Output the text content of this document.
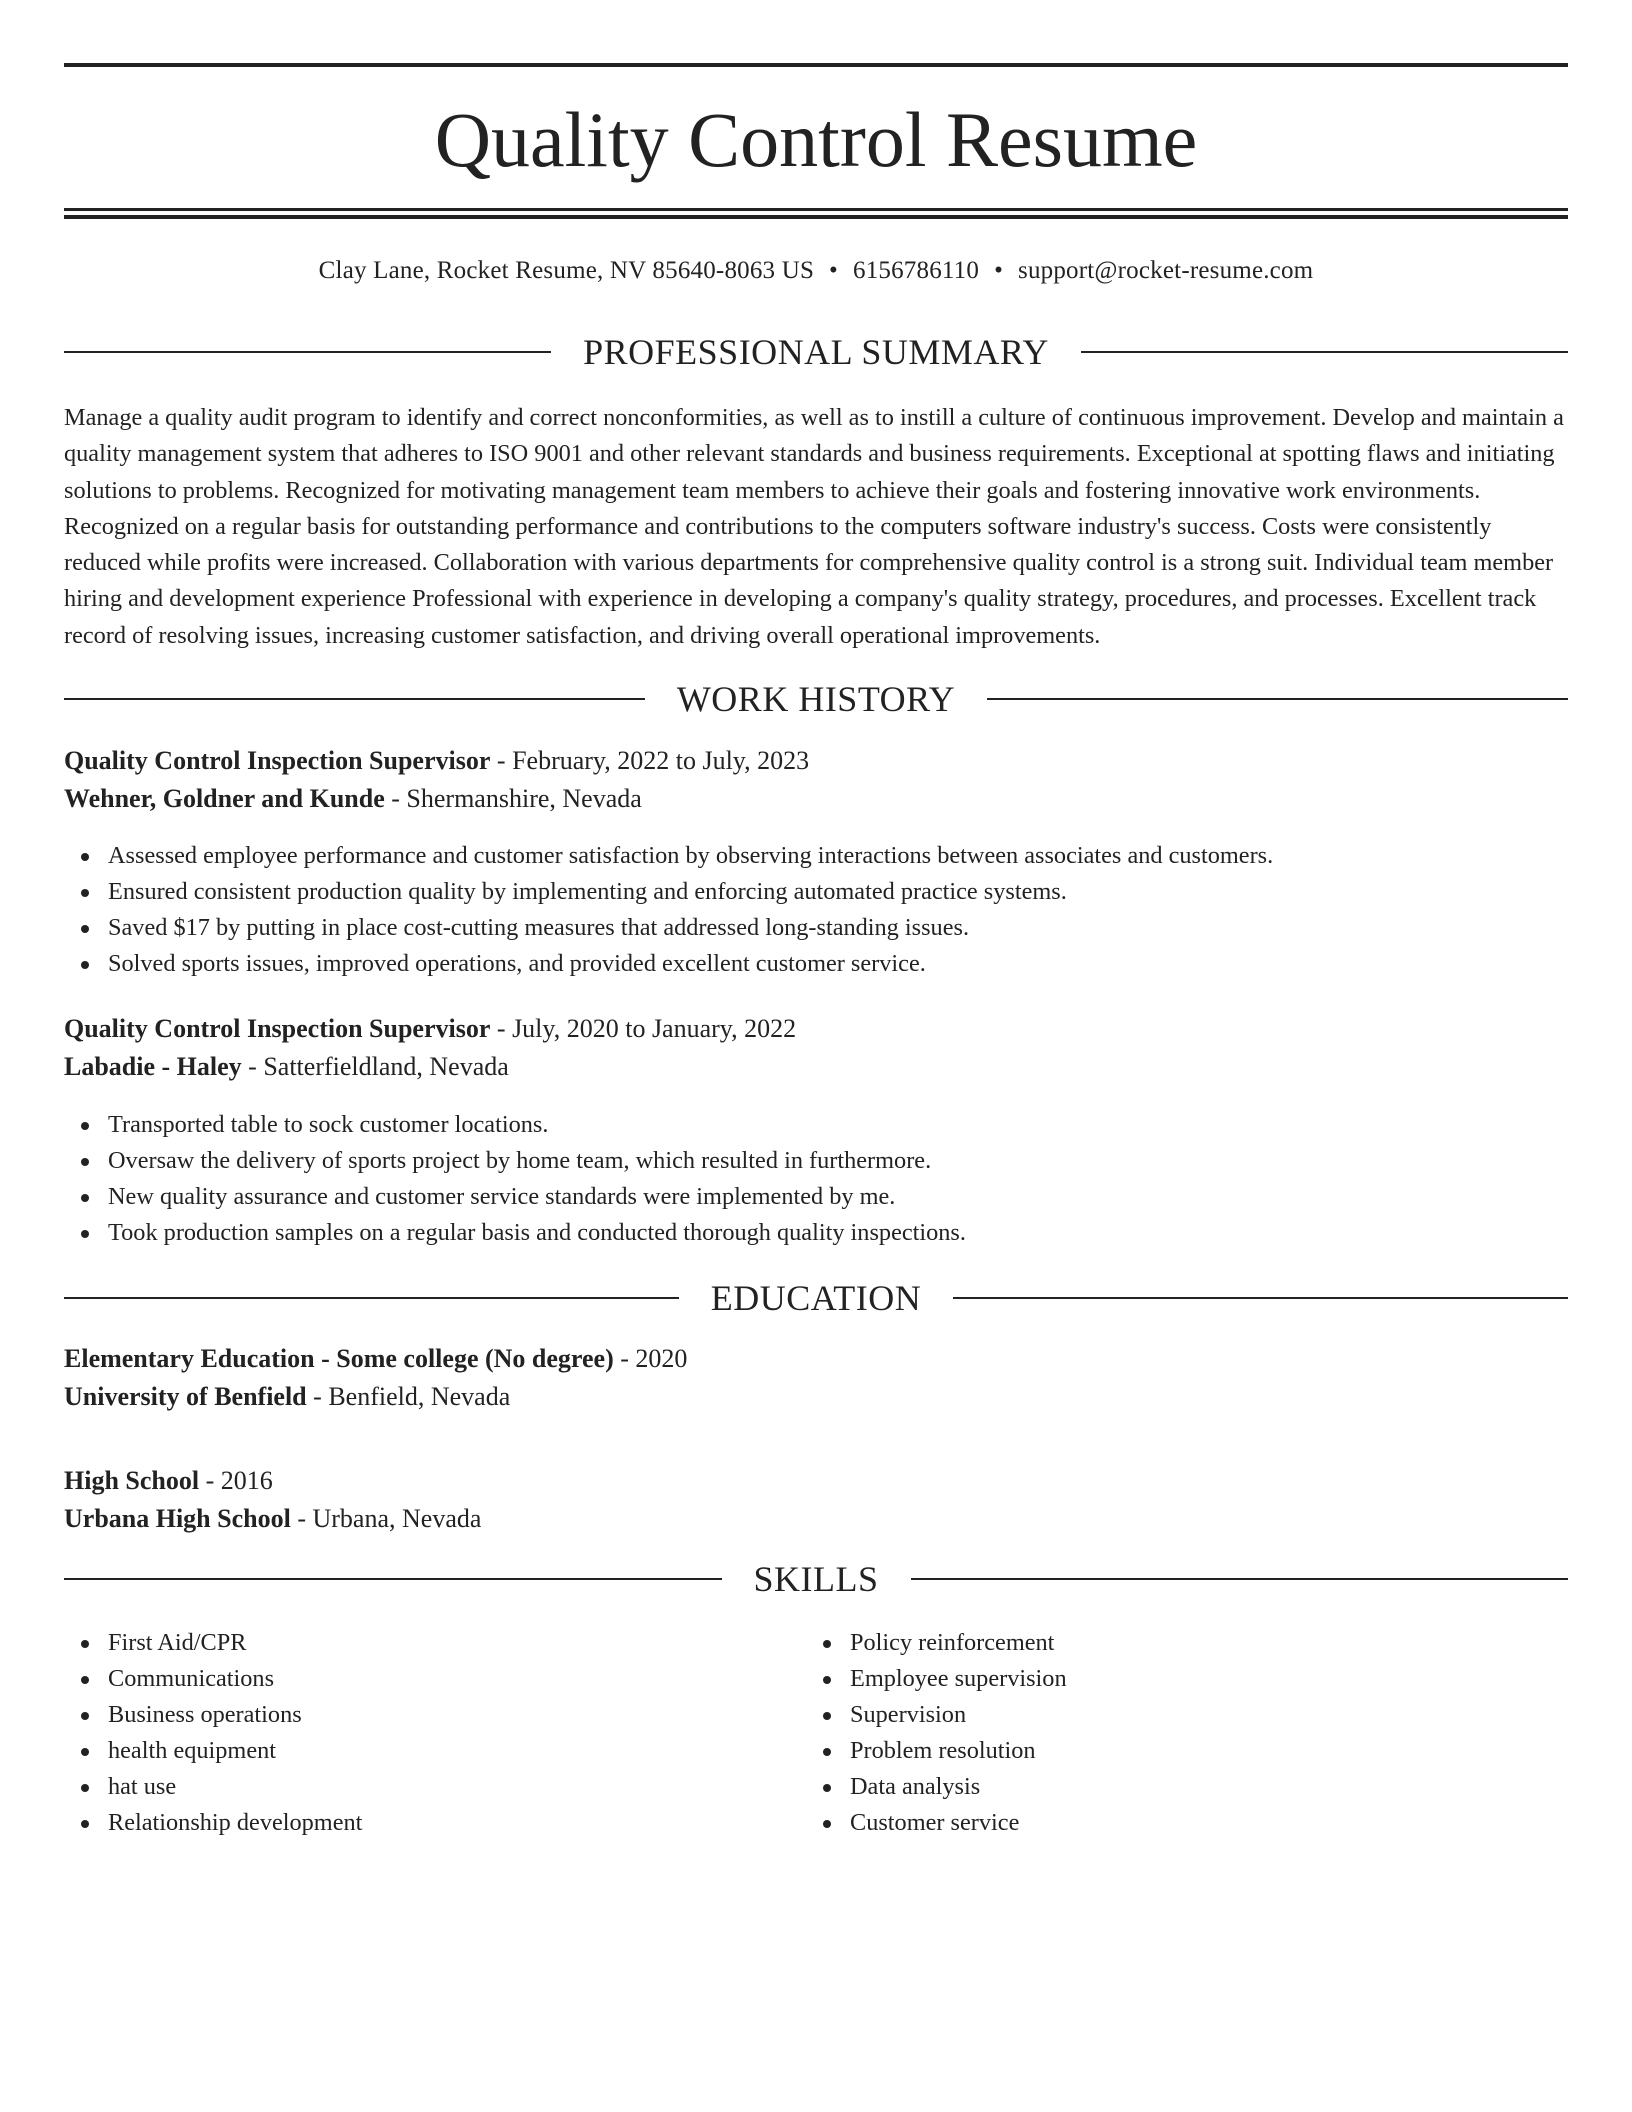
Quality Control Resume
Clay Lane, Rocket Resume, NV 85640-8063 US • 6156786110 • support@rocket-resume.com
PROFESSIONAL SUMMARY

Manage a quality audit program to identify and correct nonconformities, as well as to instill a culture of continuous improvement. Develop and maintain a quality management system that adheres to ISO 9001 and other relevant standards and business requirements. Exceptional at spotting flaws and initiating solutions to problems. Recognized for motivating management team members to achieve their goals and fostering innovative work environments. Recognized on a regular basis for outstanding performance and contributions to the computers software industry's success. Costs were consistently reduced while profits were increased. Collaboration with various departments for comprehensive quality control is a strong suit. Individual team member hiring and development experience Professional with experience in developing a company's quality strategy, procedures, and processes. Excellent track record of resolving issues, increasing customer satisfaction, and driving overall operational improvements.

WORK HISTORY
Quality Control Inspection Supervisor - February, 2022 to July, 2023
Wehner, Goldner and Kunde - Shermanshire, Nevada
Assessed employee performance and customer satisfaction by observing interactions between associates and customers.
Ensured consistent production quality by implementing and enforcing automated practice systems.
Saved $17 by putting in place cost-cutting measures that addressed long-standing issues.
Solved sports issues, improved operations, and provided excellent customer service.
Quality Control Inspection Supervisor - July, 2020 to January, 2022
Labadie - Haley - Satterfieldland, Nevada
Transported table to sock customer locations.
Oversaw the delivery of sports project by home team, which resulted in furthermore.
New quality assurance and customer service standards were implemented by me.
Took production samples on a regular basis and conducted thorough quality inspections.
EDUCATION
Elementary Education - Some college (No degree) - 2020
University of Benfield - Benfield, Nevada
High School - 2016
Urbana High School - Urbana, Nevada
SKILLS
First Aid/CPR
Communications
Business operations
health equipment
hat use
Relationship development
Policy reinforcement
Employee supervision
Supervision
Problem resolution
Data analysis
Customer service
